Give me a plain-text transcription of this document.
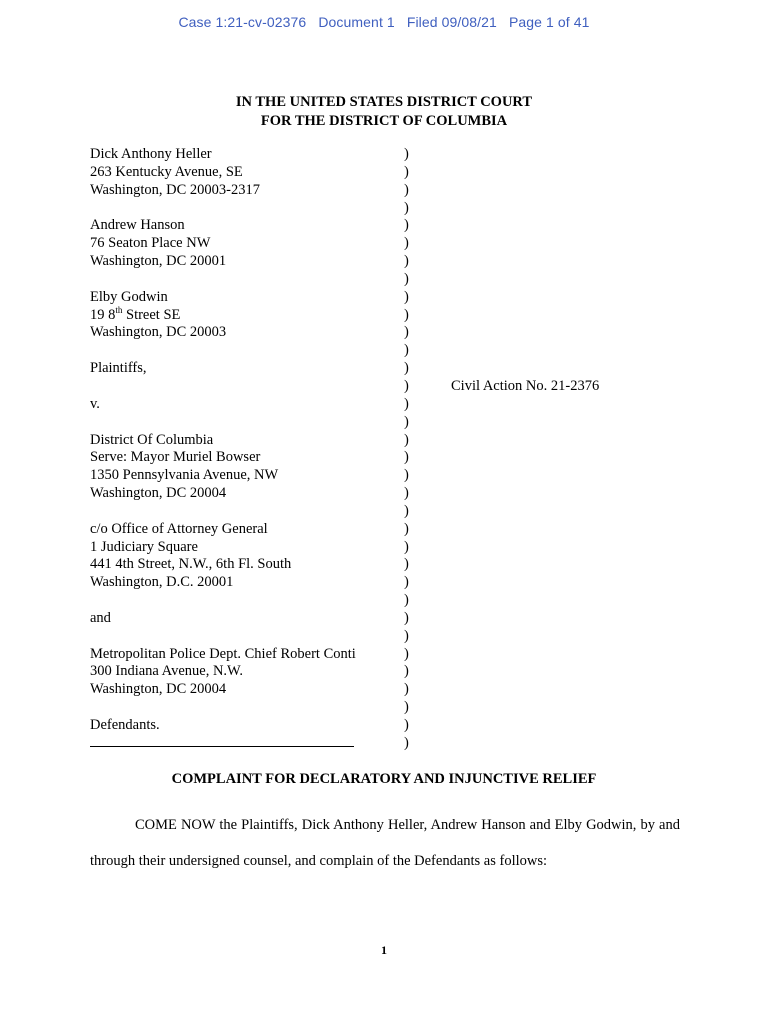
Case 1:21-cv-02376 Document 1 Filed 09/08/21 Page 1 of 41
IN THE UNITED STATES DISTRICT COURT
FOR THE DISTRICT OF COLUMBIA
Dick Anthony Heller	)
263 Kentucky Avenue, SE	)
Washington, DC 20003-2317	)
)
Andrew Hanson	)
76 Seaton Place NW	)
Washington, DC 20001	)
)
Elby Godwin	)
19 8th Street SE	)
Washington, DC 20003	)
)
Plaintiffs,	)
)	Civil Action No. 21-2376
v.	)
)
District Of Columbia	)
Serve: Mayor Muriel Bowser	)
1350 Pennsylvania Avenue, NW	)
Washington, DC 20004	)
)
c/o Office of Attorney General	)
1 Judiciary Square	)
441 4th Street, N.W., 6th Fl. South	)
Washington, D.C. 20001	)
)
and	)
)
Metropolitan Police Dept. Chief Robert Conti	)
300 Indiana Avenue, N.W.	)
Washington, DC 20004	)
)
Defendants.	)
)
COMPLAINT FOR DECLARATORY AND INJUNCTIVE RELIEF
COME NOW the Plaintiffs, Dick Anthony Heller, Andrew Hanson and Elby Godwin, by and through their undersigned counsel, and complain of the Defendants as follows:
1
